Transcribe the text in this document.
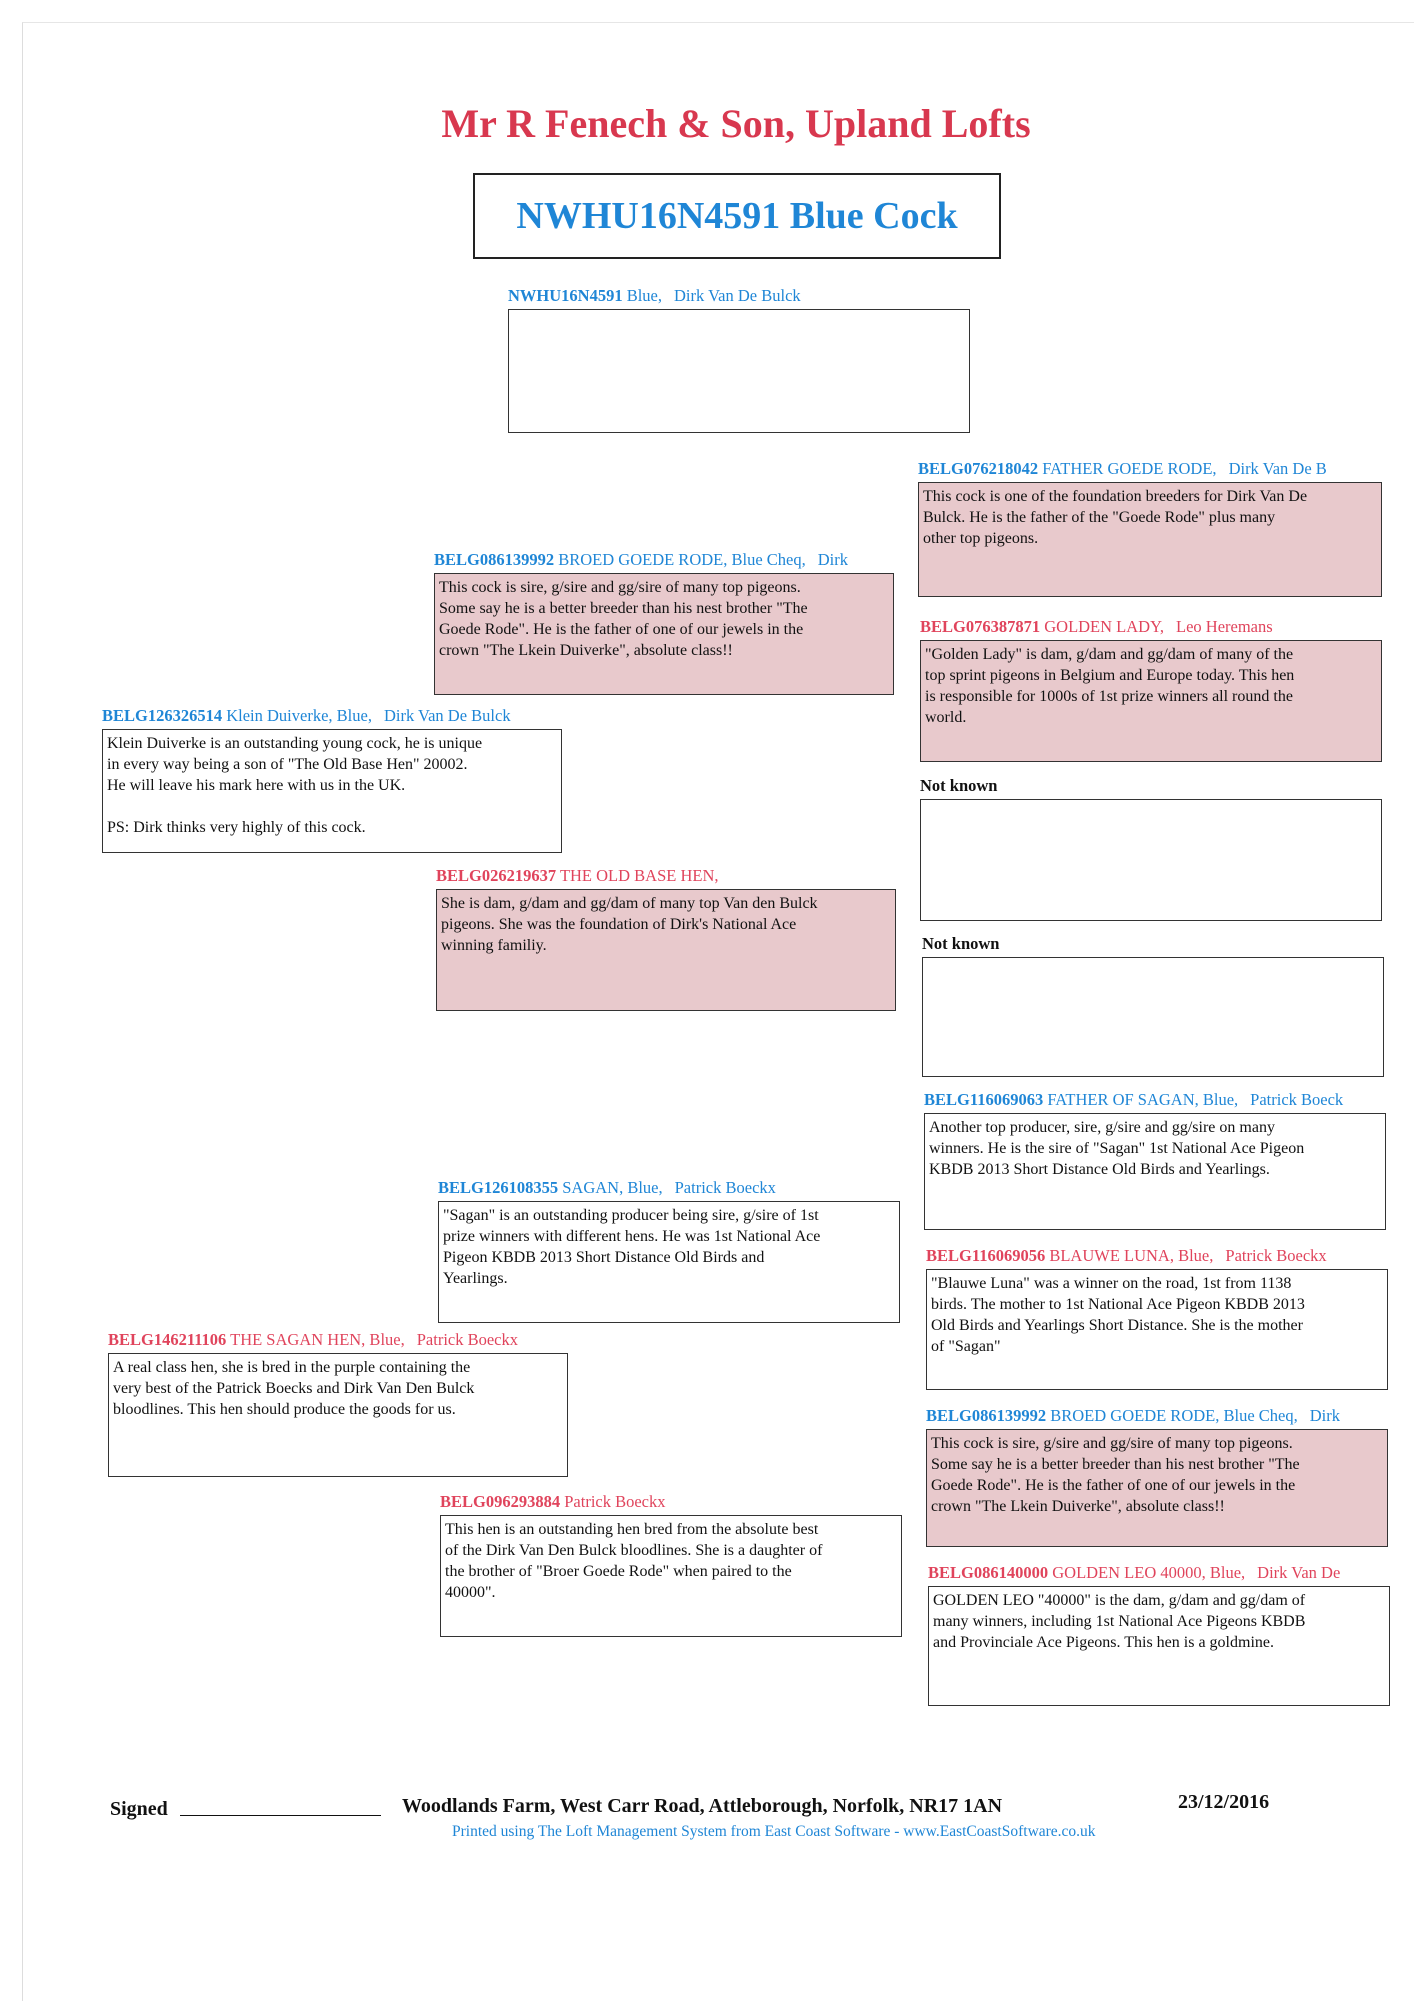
Mr R Fenech & Son, Upland Lofts
NWHU16N4591 Blue Cock
NWHU16N4591 Blue, Dirk Van De Bulck
BELG126326514 Klein Duiverke, Blue, Dirk Van De Bulck
Klein Duiverke is an outstanding young cock, he is unique
in every way being a son of "The Old Base Hen" 20002.
He will leave his mark here with us in the UK.
PS: Dirk thinks very highly of this cock.
BELG146211106 THE SAGAN HEN, Blue, Patrick Boeckx
A real class hen, she is bred in the purple containing the
very best of the Patrick Boecks and Dirk Van Den Bulck
bloodlines. This hen should produce the goods for us.
BELG086139992 BROED GOEDE RODE, Blue Cheq, Dirk
This cock is sire, g/sire and gg/sire of many top pigeons.
Some say he is a better breeder than his nest brother "The
Goede Rode". He is the father of one of our jewels in the
crown "The Lkein Duiverke", absolute class!!
BELG026219637 THE OLD BASE HEN,
She is dam, g/dam and gg/dam of many top Van den Bulck
pigeons. She was the foundation of Dirk's National Ace
winning familiy.
BELG126108355 SAGAN, Blue, Patrick Boeckx
"Sagan" is an outstanding producer being sire, g/sire of 1st
prize winners with different hens. He was 1st National Ace
Pigeon KBDB 2013 Short Distance Old Birds and
Yearlings.
BELG096293884 Patrick Boeckx
This hen is an outstanding hen bred from the absolute best
of the Dirk Van Den Bulck bloodlines. She is a daughter of
the brother of "Broer Goede Rode" when paired to the
40000".
BELG076218042 FATHER GOEDE RODE, Dirk Van De B
This cock is one of the foundation breeders for Dirk Van De
Bulck. He is the father of the "Goede Rode" plus many
other top pigeons.
BELG076387871 GOLDEN LADY, Leo Heremans
"Golden Lady" is dam, g/dam and gg/dam of many of the
top sprint pigeons in Belgium and Europe today. This hen
is responsible for 1000s of 1st prize winners all round the
world.
Not known
Not known
BELG116069063 FATHER OF SAGAN, Blue, Patrick Boeck
Another top producer, sire, g/sire and gg/sire on many
winners. He is the sire of "Sagan" 1st National Ace Pigeon
KBDB 2013 Short Distance Old Birds and Yearlings.
BELG116069056 BLAUWE LUNA, Blue, Patrick Boeckx
"Blauwe Luna" was a winner on the road, 1st from 1138
birds. The mother to 1st National Ace Pigeon KBDB 2013
Old Birds and Yearlings Short Distance. She is the mother
of "Sagan"
BELG086139992 BROED GOEDE RODE, Blue Cheq, Dirk
This cock is sire, g/sire and gg/sire of many top pigeons.
Some say he is a better breeder than his nest brother "The
Goede Rode". He is the father of one of our jewels in the
crown "The Lkein Duiverke", absolute class!!
BELG086140000 GOLDEN LEO 40000, Blue, Dirk Van De
GOLDEN LEO "40000" is the dam, g/dam and gg/dam of
many winners, including 1st National Ace Pigeons KBDB
and Provinciale Ace Pigeons. This hen is a goldmine.
Signed	Woodlands Farm, West Carr Road, Attleborough, Norfolk, NR17 1AN	23/12/2016
Printed using The Loft Management System from East Coast Software - www.EastCoastSoftware.co.uk
